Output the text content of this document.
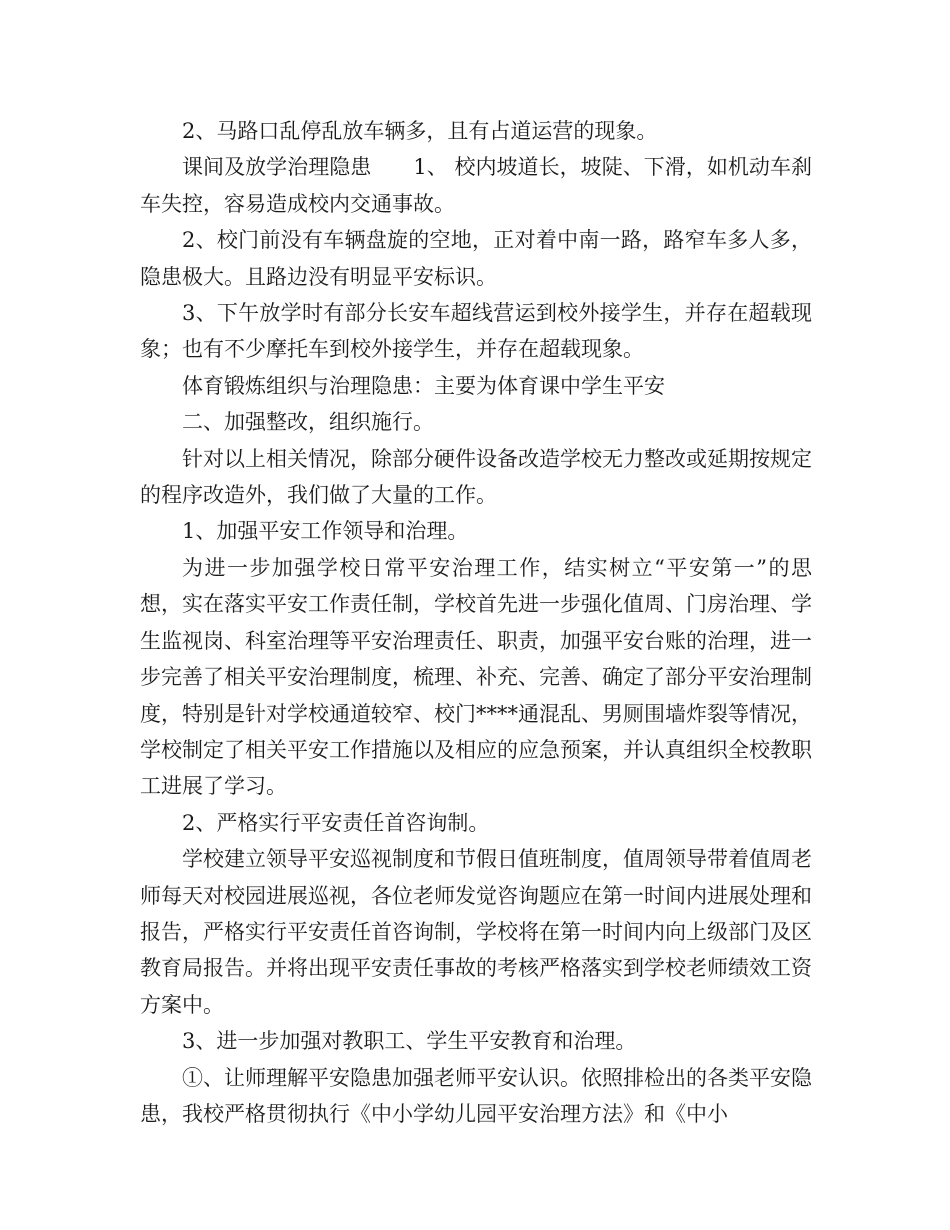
2、马路口乱停乱放车辆多，且有占道运营的现象。

课间及放学治理隐患 1、 校内坡道长，坡陡、下滑，如机动车刹车失控，容易造成校内交通事故。

2、校门前没有车辆盘旋的空地，正对着中南一路，路窄车多人多，隐患极大。且路边没有明显平安标识。

3、下午放学时有部分长安车超线营运到校外接学生，并存在超载现象；也有不少摩托车到校外接学生，并存在超载现象。

体育锻炼组织与治理隐患：主要为体育课中学生平安

二、加强整改，组织施行。

针对以上相关情况，除部分硬件设备改造学校无力整改或延期按规定的程序改造外，我们做了大量的工作。

1、加强平安工作领导和治理。

为进一步加强学校日常平安治理工作，结实树立“平安第一”的思想，实在落实平安工作责任制，学校首先进一步强化值周、门房治理、学生监视岗、科室治理等平安治理责任、职责，加强平安台账的治理，进一步完善了相关平安治理制度，梳理、补充、完善、确定了部分平安治理制度，特别是针对学校通道较窄、校门****通混乱、男厕围墙炸裂等情况，学校制定了相关平安工作措施以及相应的应急预案，并认真组织全校教职工进展了学习。

2、严格实行平安责任首咨询制。

学校建立领导平安巡视制度和节假日值班制度，值周领导带着值周老师每天对校园进展巡视，各位老师发觉咨询题应在第一时间内进展处理和报告，严格实行平安责任首咨询制，学校将在第一时间内向上级部门及区教育局报告。并将出现平安责任事故的考核严格落实到学校老师绩效工资方案中。

3、进一步加强对教职工、学生平安教育和治理。

①、让师理解平安隐患加强老师平安认识。依照排检出的各类平安隐患，我校严格贯彻执行《中小学幼儿园平安治理方法》和《中小
